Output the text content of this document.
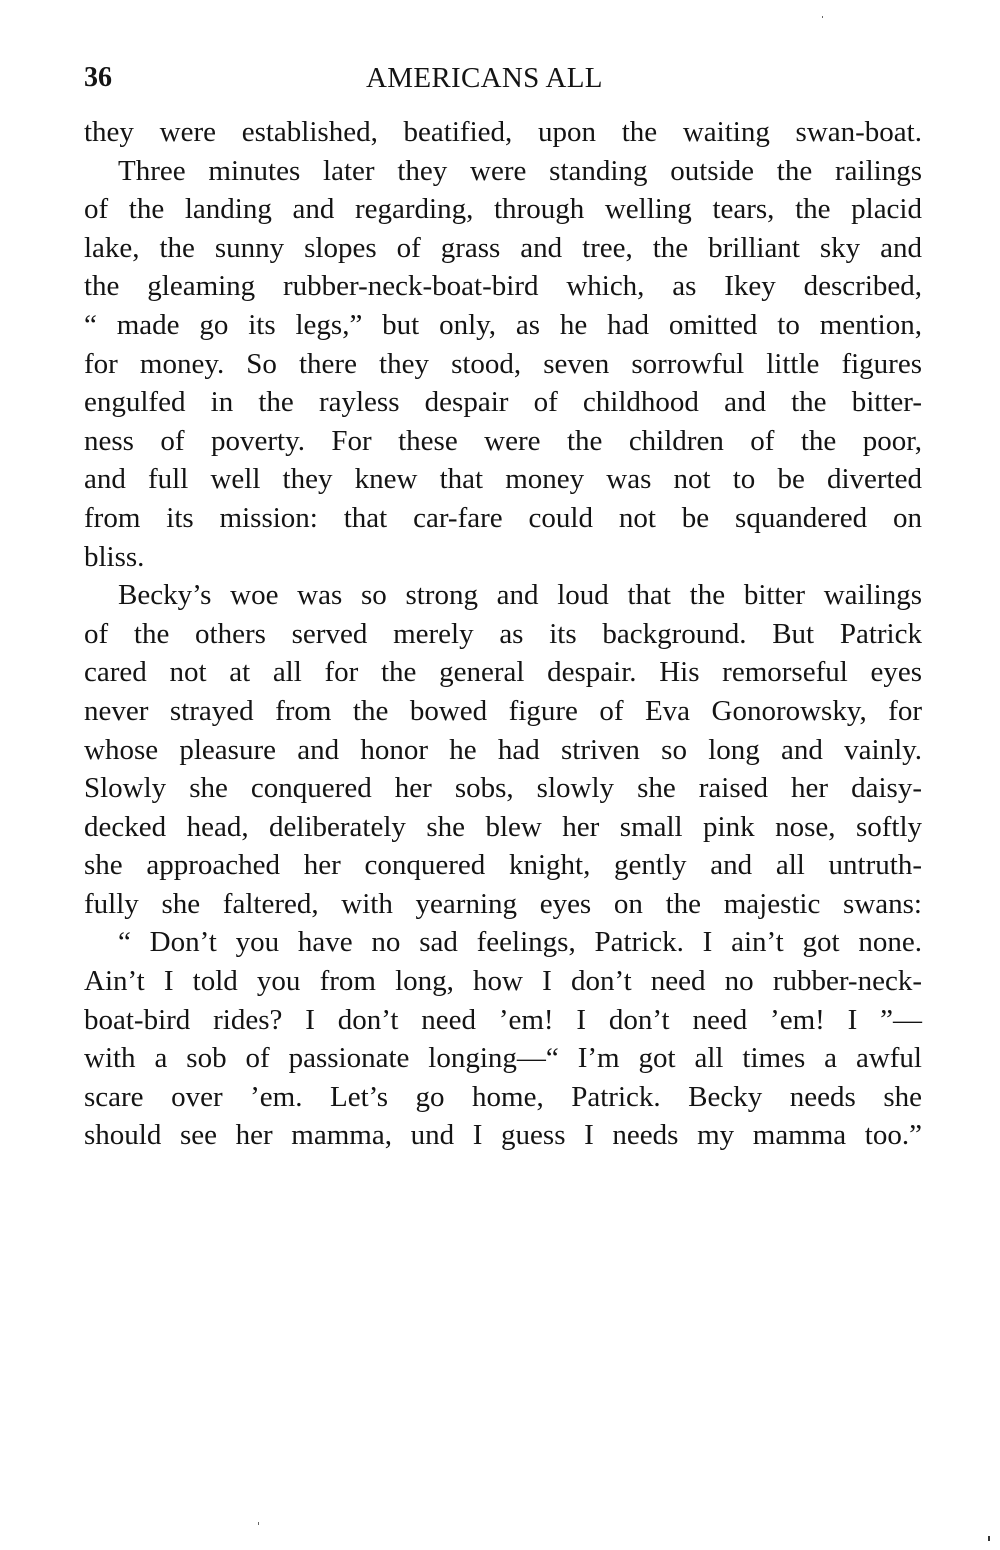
36	AMERICANS ALL
they were established, beatified, upon the waiting swan-boat.
Three minutes later they were standing outside the railings
of the landing and regarding, through welling tears, the placid
lake, the sunny slopes of grass and tree, the brilliant sky and
the gleaming rubber-neck-boat-bird which, as Ikey described,
“ made go its legs,” but only, as he had omitted to mention,
for money. So there they stood, seven sorrowful little figures
engulfed in the rayless despair of childhood and the bitter-
ness of poverty. For these were the children of the poor,
and full well they knew that money was not to be diverted
from its mission: that car-fare could not be squandered on
bliss.
Becky’s woe was so strong and loud that the bitter wailings
of the others served merely as its background. But Patrick
cared not at all for the general despair. His remorseful eyes
never strayed from the bowed figure of Eva Gonorowsky, for
whose pleasure and honor he had striven so long and vainly.
Slowly she conquered her sobs, slowly she raised her daisy-
decked head, deliberately she blew her small pink nose, softly
she approached her conquered knight, gently and all untruth-
fully she faltered, with yearning eyes on the majestic swans:
“ Don’t you have no sad feelings, Patrick. I ain’t got none.
Ain’t I told you from long, how I don’t need no rubber-neck-
boat-bird rides? I don’t need ’em! I don’t need ’em! I ”—
with a sob of passionate longing—“ I’m got all times a awful
scare over ’em. Let’s go home, Patrick. Becky needs she
should see her mamma, und I guess I needs my mamma too.”
